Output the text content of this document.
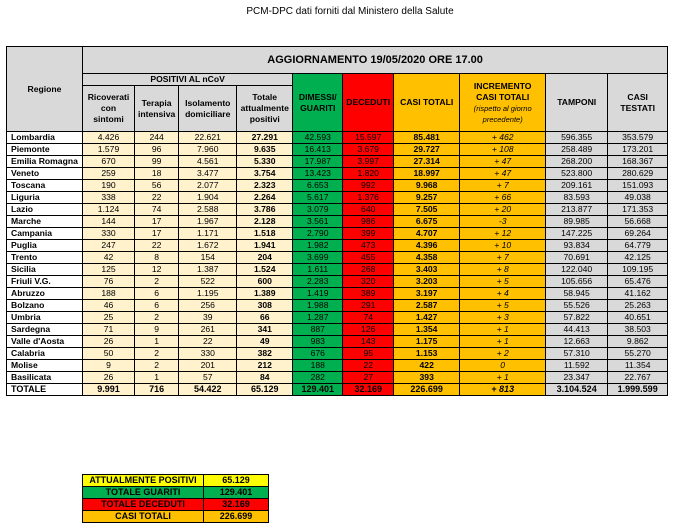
PCM-DPC dati forniti dal Ministero della Salute
Regione	AGGIORNAMENTO 19/05/2020 ORE 17.00									
	POSITIVI AL nCoV				DIMESSI/ GUARITI	DECEDUTI	CASI TOTALI	INCREMENTO CASI TOTALI
(rispetto al giorno precedente)	TAMPONI	CASI TESTATI
	Ricoverati con sintomi	Terapia intensiva	Isolamento domiciliare	Totale attualmente positivi						
Lombardia	4.426	244	22.621	27.291	42.593	15.597	85.481	+ 462	596.355	353.579
Piemonte	1.579	96	7.960	9.635	16.413	3.679	29.727	+ 108	258.489	173.201
Emilia Romagna	670	99	4.561	5.330	17.987	3.997	27.314	+ 47	268.200	168.367
Veneto	259	18	3.477	3.754	13.423	1.820	18.997	+ 47	523.800	280.629
Toscana	190	56	2.077	2.323	6.653	992	9.968	+ 7	209.161	151.093
Liguria	338	22	1.904	2.264	5.617	1.376	9.257	+ 66	83.593	49.038
Lazio	1.124	74	2.588	3.786	3.079	640	7.505	+ 20	213.877	171.353
Marche	144	17	1.967	2.128	3.561	986	6.675	-3	89.985	56.668
Campania	330	17	1.171	1.518	2.790	399	4.707	+ 12	147.225	69.264
Puglia	247	22	1.672	1.941	1.982	473	4.396	+ 10	93.834	64.779
Trento	42	8	154	204	3.699	455	4.358	+ 7	70.691	42.125
Sicilia	125	12	1.387	1.524	1.611	268	3.403	+ 8	122.040	109.195
Friuli V.G.	76	2	522	600	2.283	320	3.203	+ 5	105.656	65.476
Abruzzo	188	6	1.195	1.389	1.419	389	3.197	+ 4	58.945	41.162
Bolzano	46	6	256	308	1.988	291	2.587	+ 5	55.526	25.263
Umbria	25	2	39	66	1.287	74	1.427	+ 3	57.822	40.651
Sardegna	71	9	261	341	887	126	1.354	+ 1	44.413	38.503
Valle d'Aosta	26	1	22	49	983	143	1.175	+ 1	12.663	9.862
Calabria	50	2	330	382	676	95	1.153	+ 2	57.310	55.270
Molise	9	2	201	212	188	22	422	0	11.592	11.354
Basilicata	26	1	57	84	282	27	393	+ 1	23.347	22.767
TOTALE	9.991	716	54.422	65.129	129.401	32.169	226.699	+ 813	3.104.524	1.999.599
ATTUALMENTE POSITIVI	65.129
TOTALE GUARITI	129.401
TOTALE DECEDUTI	32.169
CASI TOTALI	226.699
